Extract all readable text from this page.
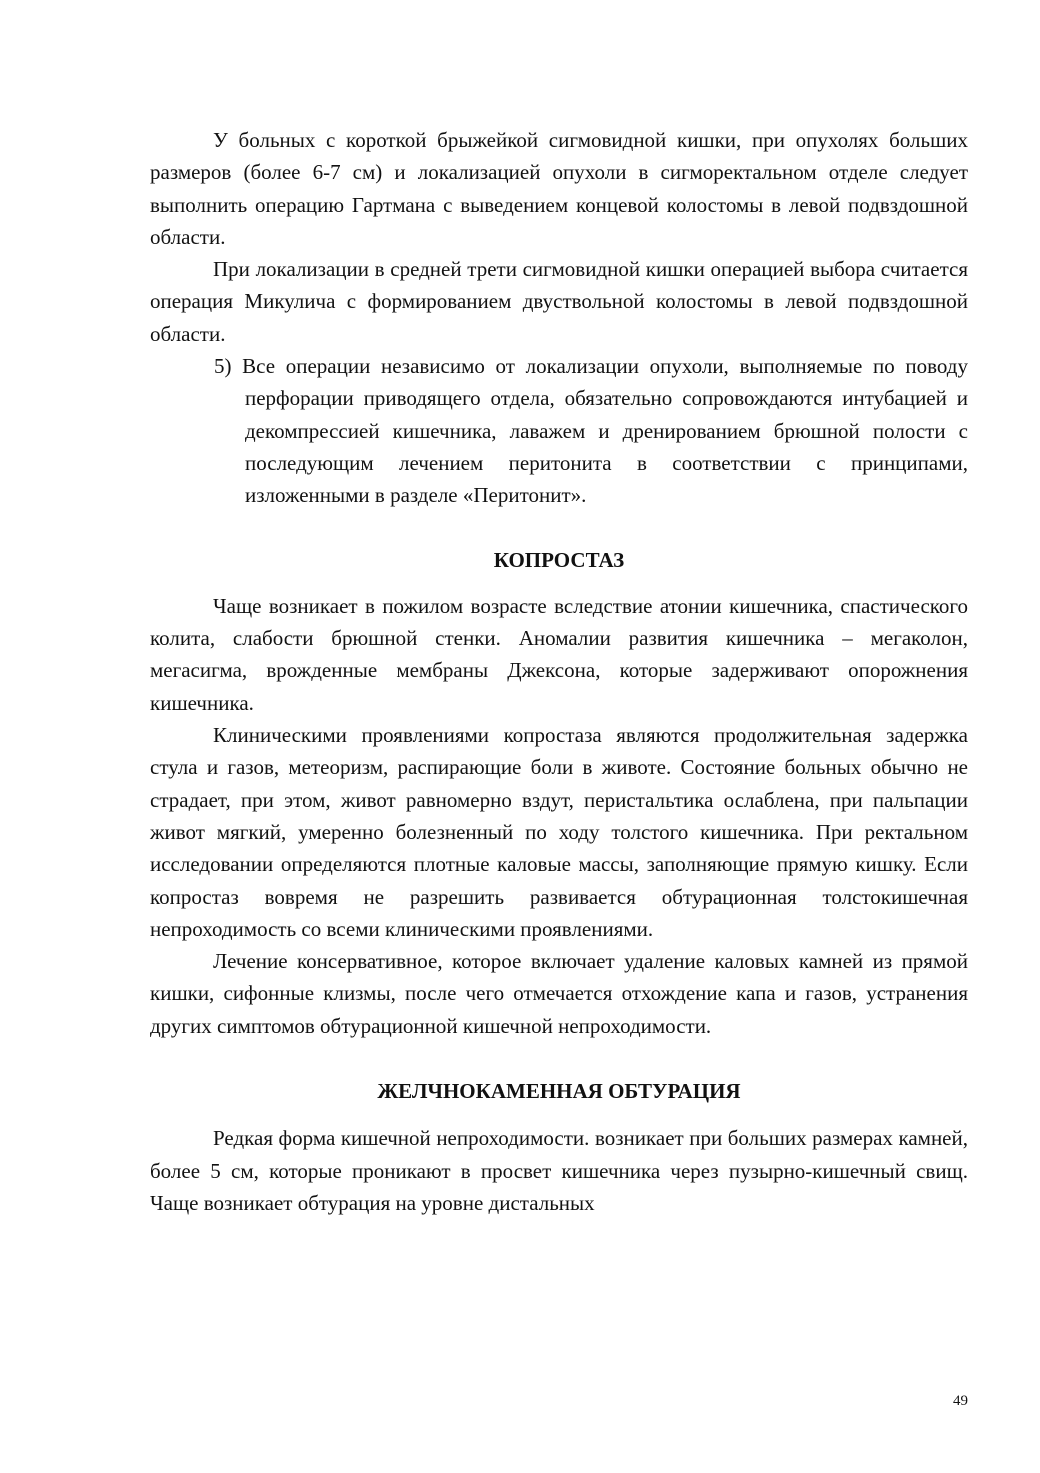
У больных с короткой брыжейкой сигмовидной кишки, при опухолях больших размеров (более 6-7 см) и локализацией опухоли в сигморектальном отделе следует выполнить операцию Гартмана с выведением концевой колостомы в левой подвздошной области.

При локализации в средней трети сигмовидной кишки операцией выбора считается операция Микулича с формированием двуствольной колостомы в левой подвздошной области.

5) Все операции независимо от локализации опухоли, выполняемые по поводу перфорации приводящего отдела, обязательно сопровождаются интубацией и декомпрессией кишечника, лаважем и дренированием брюшной полости с последующим лечением перитонита в соответствии с принципами, изложенными в разделе «Перитонит».

КОПРОСТАЗ

Чаще возникает в пожилом возрасте вследствие атонии кишечника, спастического колита, слабости брюшной стенки. Аномалии развития кишечника – мегаколон, мегасигма, врожденные мембраны Джексона, которые задерживают опорожнения кишечника.

Клиническими проявлениями копростаза являются продолжительная задержка стула и газов, метеоризм, распирающие боли в животе. Состояние больных обычно не страдает, при этом, живот равномерно вздут, перистальтика ослаблена, при пальпации живот мягкий, умеренно болезненный по ходу толстого кишечника. При ректальном исследовании определяются плотные каловые массы, заполняющие прямую кишку. Если копростаз вовремя не разрешить развивается обтурационная толстокишечная непроходимость со всеми клиническими проявлениями.

Лечение консервативное, которое включает удаление каловых камней из прямой кишки, сифонные клизмы, после чего отмечается отхождение капа и газов, устранения других симптомов обтурационной кишечной непроходимости.

ЖЕЛЧНОКАМЕННАЯ ОБТУРАЦИЯ

Редкая форма кишечной непроходимости. возникает при больших размерах камней, более 5 см, которые проникают в просвет кишечника через пузырно-кишечный свищ. Чаще возникает обтурация на уровне дистальных

49
